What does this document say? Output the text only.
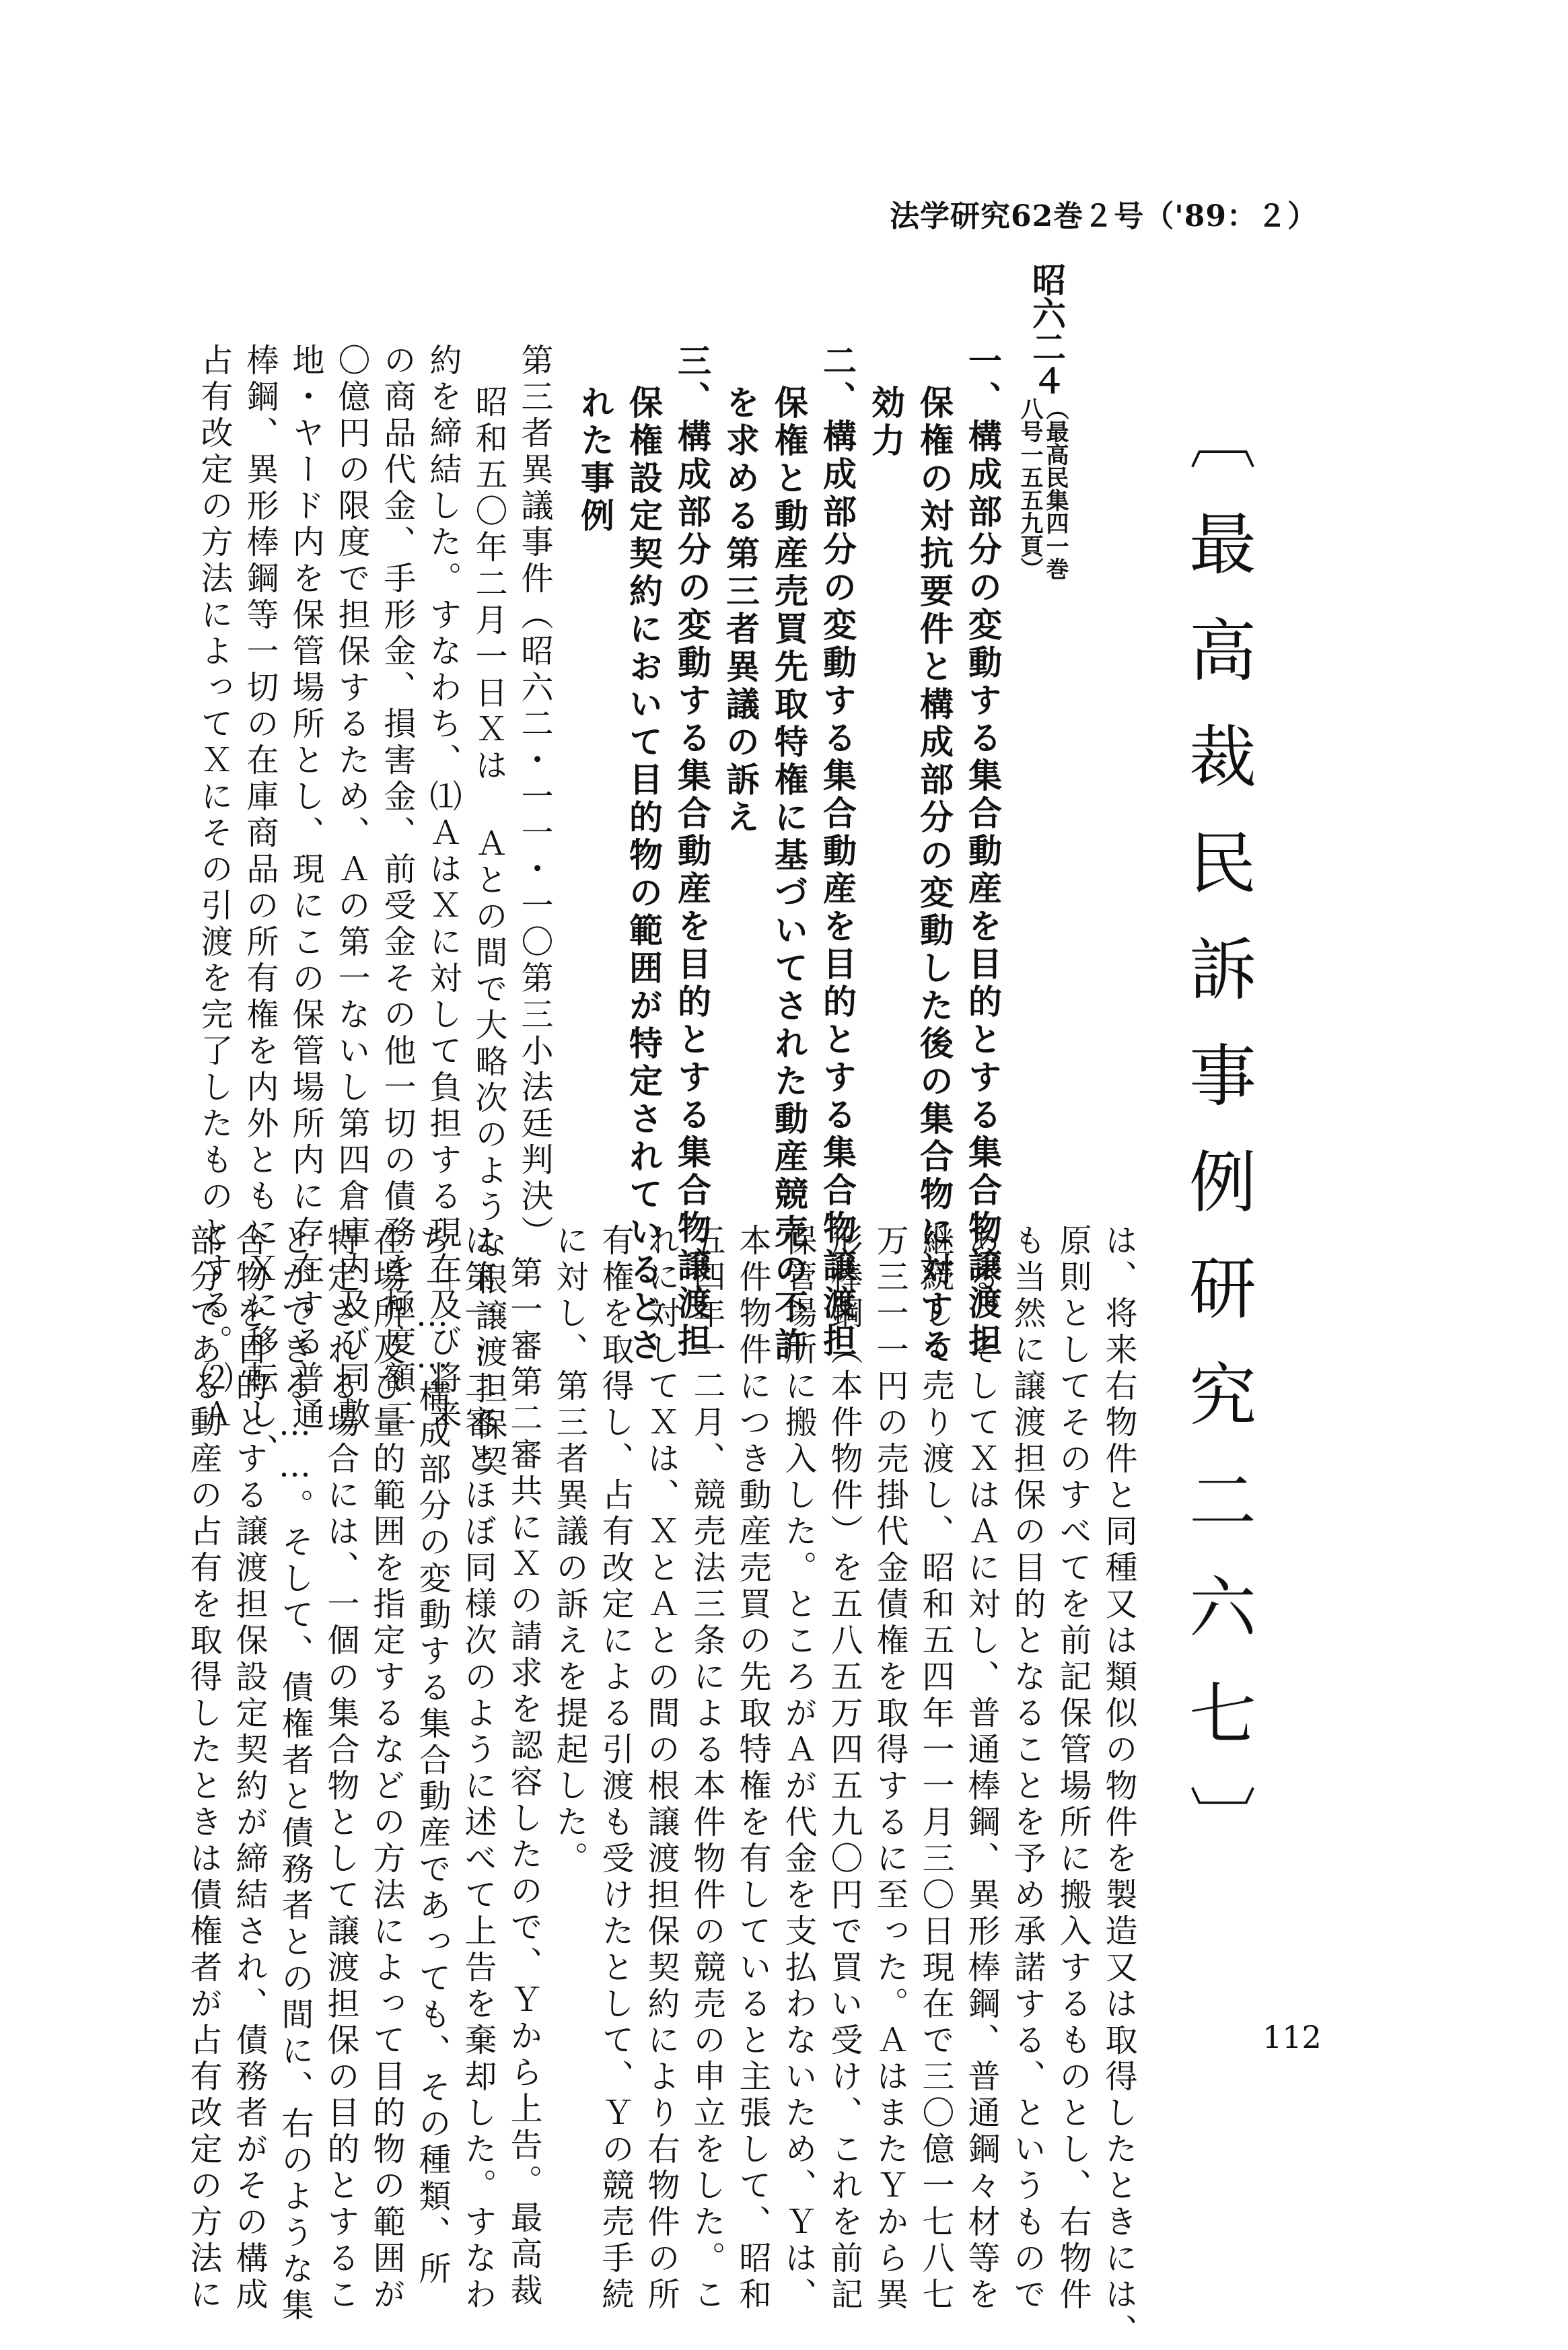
法学研究62巻２号（'89：２）
〔最高裁民訴事例研究二六七〕
昭六二４
（最高民集四一巻
八号一五五九頁）
一、構成部分の変動する集合動産を目的とする集合物譲渡担
保権の対抗要件と構成部分の変動した後の集合物に対する
効力
二、構成部分の変動する集合動産を目的とする集合物譲渡担
保権と動産売買先取特権に基づいてされた動産競売の不許
を求める第三者異議の訴え
三、構成部分の変動する集合動産を目的とする集合物譲渡担
保権設定契約において目的物の範囲が特定されているとさ
れた事例
第三者異議事件（昭六二・一一・一〇第三小法廷判決）
昭和五〇年二月一日Ｘは Ａとの間で大略次のような根譲渡担保契
約を締結した。すなわち、⑴ＡはＸに対して負担する現在及び将来
の商品代金、手形金、損害金、前受金その他一切の債務を極度額二
〇億円の限度で担保するため、Ａの第一ないし第四倉庫内及び同敷
地・ヤード内を保管場所とし、現にこの保管場所内に存在する普通
棒鋼、異形棒鋼等一切の在庫商品の所有権を内外ともにＸに移転し、
占有改定の方法によってＸにその引渡を完了したものとする。⑵Ａ
は、将来右物件と同種又は類似の物件を製造又は取得したときには、
原則としてそのすべてを前記保管場所に搬入するものとし、右物件
も当然に譲渡担保の目的となることを予め承諾する、というもので
ある。そしてＸはＡに対し、普通棒鋼、異形棒鋼、普通鋼々材等を
継続して売り渡し、昭和五四年一一月三〇日現在で三〇億一七八七
万三一一円の売掛代金債権を取得するに至った。ＡはまたＹから異
形棒鋼（本件物件）を五八五万四五九〇円で買い受け、これを前記
保管場所に搬入した。ところがＡが代金を支払わないため、Ｙは、
本件物件につき動産売買の先取特権を有していると主張して、昭和
五四年一二月、競売法三条による本件物件の競売の申立をした。こ
れに対してＸは、ＸとＡとの間の根譲渡担保契約により右物件の所
有権を取得し、占有改定による引渡も受けたとして、Ｙの競売手続
に対し、第三者異議の訴えを提起した。
第一審第二審共にＸの請求を認容したので、Ｙから上告。最高裁
は第一・二審とほぼ同様次のように述べて上告を棄却した。すなわ
ち「……構成部分の変動する集合動産であっても、その種類、所
在場所及び量的範囲を指定するなどの方法によって目的物の範囲が
特定される場合には、一個の集合物として譲渡担保の目的とするこ
とができる……。そして、債権者と債務者との間に、右のような集
合物を目的とする譲渡担保設定契約が締結され、債務者がその構成
部分である動産の占有を取得したときは債権者が占有改定の方法に	112
